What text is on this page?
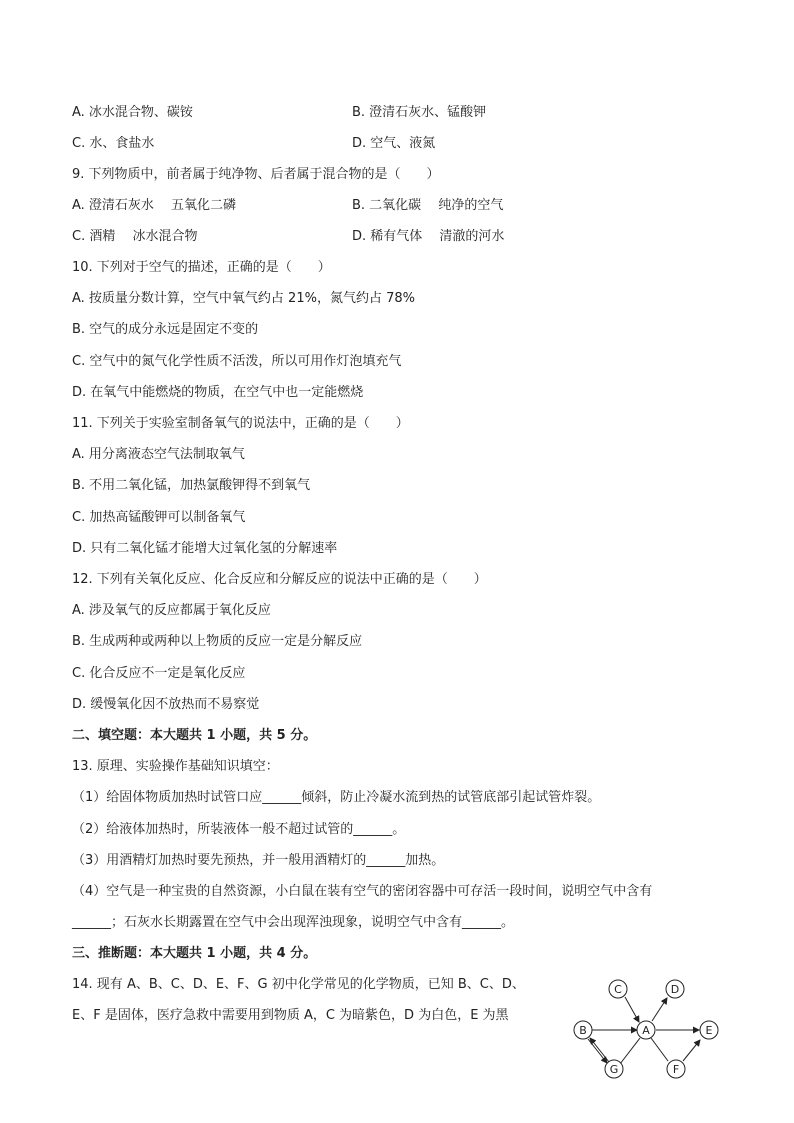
A. 冰水混合物、碳铵	B. 澄清石灰水、锰酸钾
C. 水、食盐水	D. 空气、液氮
9. 下列物质中，前者属于纯净物、后者属于混合物的是（　　）
A. 澄清石灰水　 五氧化二磷	B. 二氧化碳　 纯净的空气
C. 酒精　 冰水混合物	D. 稀有气体　 清澈的河水
10. 下列对于空气的描述，正确的是（　　）
A. 按质量分数计算，空气中氧气约占 21%，氮气约占 78%
B. 空气的成分永远是固定不变的
C. 空气中的氮气化学性质不活泼，所以可用作灯泡填充气
D. 在氧气中能燃烧的物质，在空气中也一定能燃烧
11. 下列关于实验室制备氧气的说法中，正确的是（　　）
A. 用分离液态空气法制取氧气
B. 不用二氧化锰，加热氯酸钾得不到氧气
C. 加热高锰酸钾可以制备氧气
D. 只有二氧化锰才能增大过氧化氢的分解速率
12. 下列有关氧化反应、化合反应和分解反应的说法中正确的是（　　）
A. 涉及氧气的反应都属于氧化反应
B. 生成两种或两种以上物质的反应一定是分解反应
C. 化合反应不一定是氧化反应
D. 缓慢氧化因不放热而不易察觉
二、填空题：本大题共 1 小题，共 5 分。
13. 原理、实验操作基础知识填空：
（1）给固体物质加热时试管口应______倾斜，防止冷凝水流到热的试管底部引起试管炸裂。
（2）给液体加热时，所装液体一般不超过试管的______。
（3）用酒精灯加热时要先预热，并一般用酒精灯的______加热。
（4）空气是一种宝贵的自然资源，小白鼠在装有空气的密闭容器中可存活一段时间，说明空气中含有
______；石灰水长期露置在空气中会出现浑浊现象，说明空气中含有______。
三、推断题：本大题共 1 小题，共 4 分。
14. 现有 A、B、C、D、E、F、G 初中化学常见的化学物质，已知 B、C、D、
E、F 是固体，医疗急救中需要用到物质 A，C 为暗紫色，D 为白色，E 为黑
C	D
B	A	E
G	F
